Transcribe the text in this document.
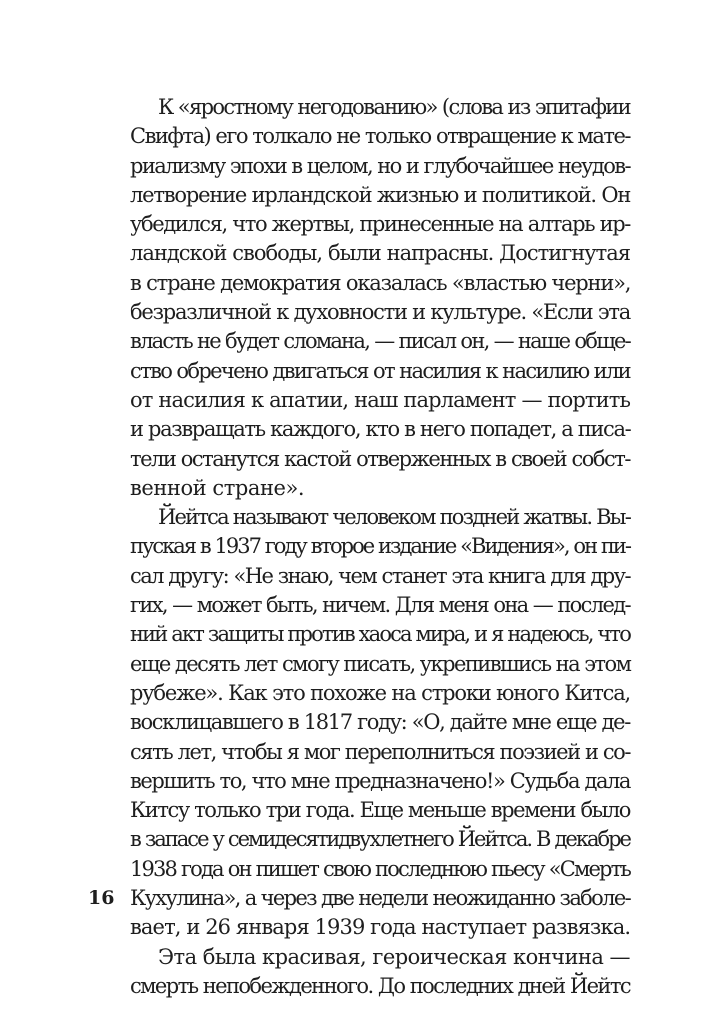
К «яростному негодованию» (слова из эпитафии
Свифта) его толкало не только отвращение к мате-
риализму эпохи в целом, но и глубочайшее неудов-
летворение ирландской жизнью и политикой. Он
убедился, что жертвы, принесенные на алтарь ир-
ландской свободы, были напрасны. Достигнутая
в стране демократия оказалась «властью черни»,
безразличной к духовности и культуре. «Если эта
власть не будет сломана, — писал он, — наше обще-
ство обречено двигаться от насилия к насилию или
от насилия к апатии, наш парламент — портить
и развращать каждого, кто в него попадет, а писа-
тели останутся кастой отверженных в своей собст-
венной стране».
Йейтса называют человеком поздней жатвы. Вы-
пуская в 1937 году второе издание «Видения», он пи-
сал другу: «Не знаю, чем станет эта книга для дру-
гих, — может быть, ничем. Для меня она — послед-
ний акт защиты против хаоса мира, и я надеюсь, что
еще десять лет смогу писать, укрепившись на этом
рубеже». Как это похоже на строки юного Китса,
восклицавшего в 1817 году: «О, дайте мне еще де-
сять лет, чтобы я мог переполниться поэзией и со-
вершить то, что мне предназначено!» Судьба дала
Китсу только три года. Еще меньше времени было
в запасе у семидесятидвухлетнего Йейтса. В декабре
1938 года он пишет свою последнюю пьесу «Смерть
Кухулина», а через две недели неожиданно заболе-
вает, и 26 января 1939 года наступает развязка.
Эта была красивая, героическая кончина —
смерть непобежденного. До последних дней Йейтс
16
